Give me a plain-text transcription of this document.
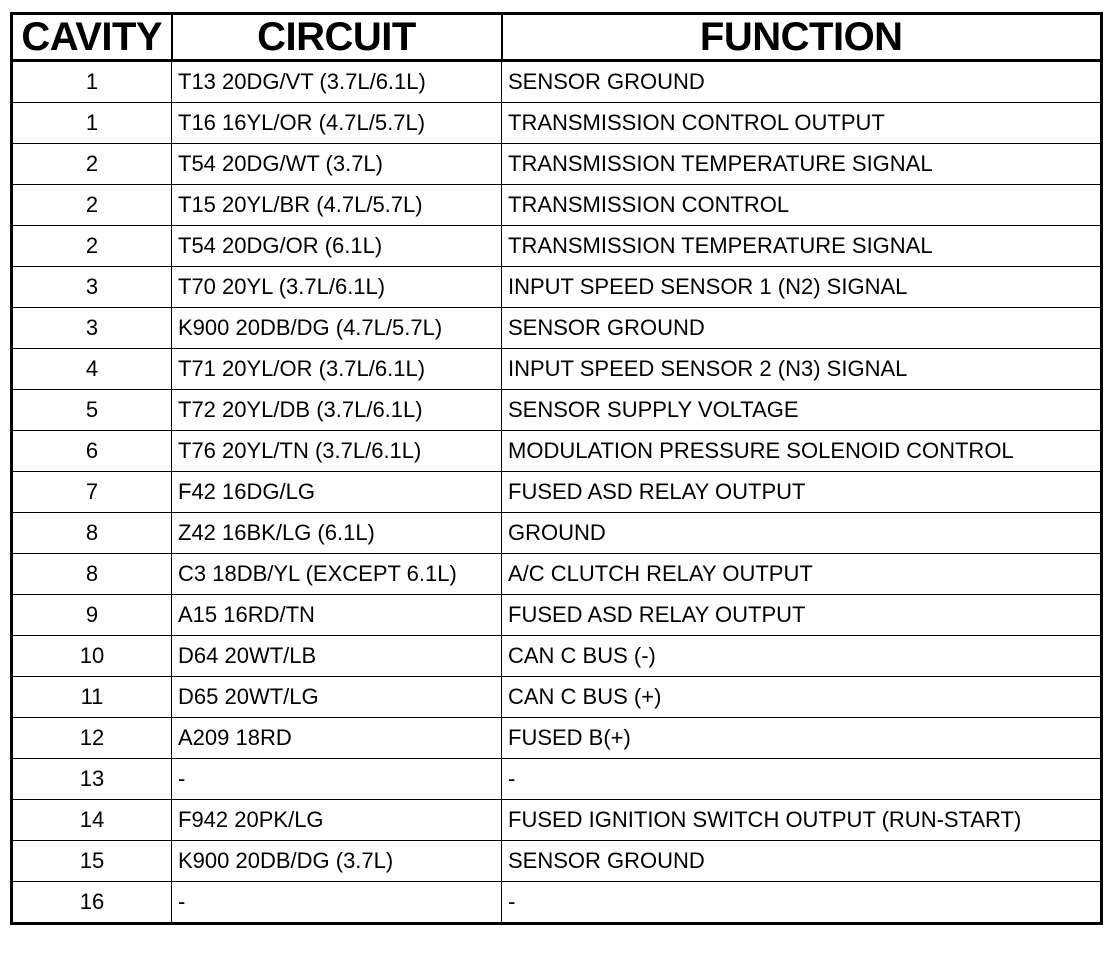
CAVITY	CIRCUIT	FUNCTION
1	T13 20DG/VT (3.7L/6.1L)	SENSOR GROUND
1	T16 16YL/OR (4.7L/5.7L)	TRANSMISSION CONTROL OUTPUT
2	T54 20DG/WT (3.7L)	TRANSMISSION TEMPERATURE SIGNAL
2	T15 20YL/BR (4.7L/5.7L)	TRANSMISSION CONTROL
2	T54 20DG/OR (6.1L)	TRANSMISSION TEMPERATURE SIGNAL
3	T70 20YL (3.7L/6.1L)	INPUT SPEED SENSOR 1 (N2) SIGNAL
3	K900 20DB/DG (4.7L/5.7L)	SENSOR GROUND
4	T71 20YL/OR (3.7L/6.1L)	INPUT SPEED SENSOR 2 (N3) SIGNAL
5	T72 20YL/DB (3.7L/6.1L)	SENSOR SUPPLY VOLTAGE
6	T76 20YL/TN (3.7L/6.1L)	MODULATION PRESSURE SOLENOID CONTROL
7	F42 16DG/LG	FUSED ASD RELAY OUTPUT
8	Z42 16BK/LG (6.1L)	GROUND
8	C3 18DB/YL (EXCEPT 6.1L)	A/C CLUTCH RELAY OUTPUT
9	A15 16RD/TN	FUSED ASD RELAY OUTPUT
10	D64 20WT/LB	CAN C BUS (-)
11	D65 20WT/LG	CAN C BUS (+)
12	A209 18RD	FUSED B(+)
13	-	-
14	F942 20PK/LG	FUSED IGNITION SWITCH OUTPUT (RUN-START)
15	K900 20DB/DG (3.7L)	SENSOR GROUND
16	-	-
